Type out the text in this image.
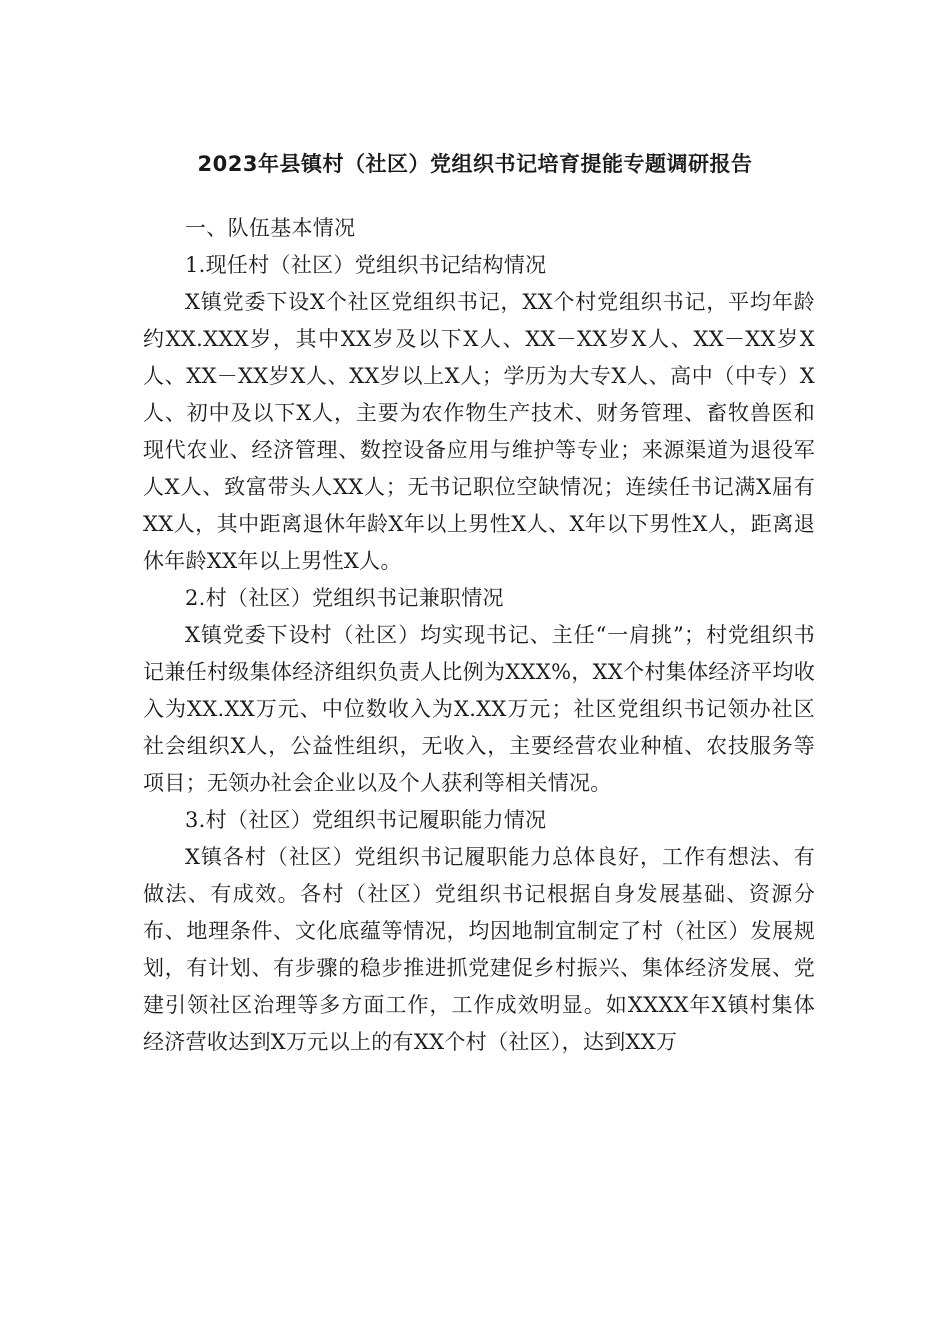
2023年县镇村（社区）党组织书记培育提能专题调研报告

一、队伍基本情况

1.现任村（社区）党组织书记结构情况

X镇党委下设X个社区党组织书记，XX个村党组织书记，平均年龄约XX.XXX岁，其中XX岁及以下X人、XX－XX岁X人、XX－XX岁X人、XX－XX岁X人、XX岁以上X人；学历为大专X人、高中（中专）X人、初中及以下X人，主要为农作物生产技术、财务管理、畜牧兽医和现代农业、经济管理、数控设备应用与维护等专业；来源渠道为退役军人X人、致富带头人XX人；无书记职位空缺情况；连续任书记满X届有XX人，其中距离退休年龄X年以上男性X人、X年以下男性X人，距离退休年龄XX年以上男性X人。

2.村（社区）党组织书记兼职情况

X镇党委下设村（社区）均实现书记、主任“一肩挑”；村党组织书记兼任村级集体经济组织负责人比例为XXX%，XX个村集体经济平均收入为XX.XX万元、中位数收入为X.XX万元；社区党组织书记领办社区社会组织X人，公益性组织，无收入，主要经营农业种植、农技服务等项目；无领办社会企业以及个人获利等相关情况。

3.村（社区）党组织书记履职能力情况

X镇各村（社区）党组织书记履职能力总体良好，工作有想法、有做法、有成效。各村（社区）党组织书记根据自身发展基础、资源分布、地理条件、文化底蕴等情况，均因地制宜制定了村（社区）发展规划，有计划、有步骤的稳步推进抓党建促乡村振兴、集体经济发展、党建引领社区治理等多方面工作，工作成效明显。如XXXX年X镇村集体经济营收达到X万元以上的有XX个村（社区），达到XX万
